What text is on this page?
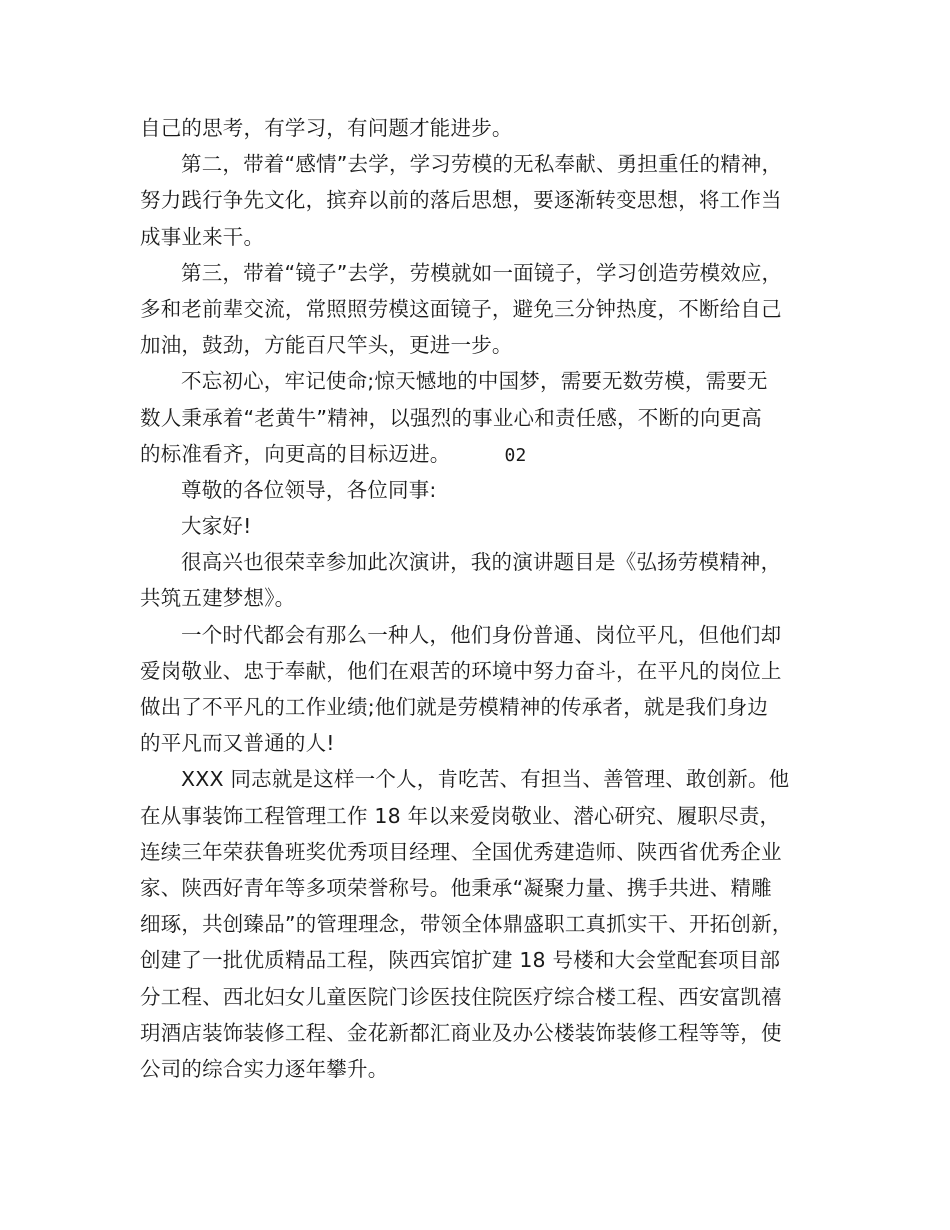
自己的思考，有学习，有问题才能进步。
第二，带着“感情”去学，学习劳模的无私奉献、勇担重任的精神，
努力践行争先文化，摈弃以前的落后思想，要逐渐转变思想，将工作当
成事业来干。
第三，带着“镜子”去学，劳模就如一面镜子，学习创造劳模效应，
多和老前辈交流，常照照劳模这面镜子，避免三分钟热度，不断给自己
加油，鼓劲，方能百尺竿头，更进一步。
不忘初心，牢记使命;惊天憾地的中国梦，需要无数劳模，需要无
数人秉承着“老黄牛”精神，以强烈的事业心和责任感，不断的向更高
的标准看齐，向更高的目标迈进。	02
尊敬的各位领导，各位同事:
大家好!
很高兴也很荣幸参加此次演讲，我的演讲题目是《弘扬劳模精神，
共筑五建梦想》。
一个时代都会有那么一种人，他们身份普通、岗位平凡，但他们却
爱岗敬业、忠于奉献，他们在艰苦的环境中努力奋斗，在平凡的岗位上
做出了不平凡的工作业绩;他们就是劳模精神的传承者，就是我们身边
的平凡而又普通的人!
XXX 同志就是这样一个人，肯吃苦、有担当、善管理、敢创新。他
在从事装饰工程管理工作 18 年以来爱岗敬业、潜心研究、履职尽责，
连续三年荣获鲁班奖优秀项目经理、全国优秀建造师、陕西省优秀企业
家、陕西好青年等多项荣誉称号。他秉承“凝聚力量、携手共进、精雕
细琢，共创臻品”的管理理念，带领全体鼎盛职工真抓实干、开拓创新，
创建了一批优质精品工程，陕西宾馆扩建 18 号楼和大会堂配套项目部
分工程、西北妇女儿童医院门诊医技住院医疗综合楼工程、西安富凯禧
玥酒店装饰装修工程、金花新都汇商业及办公楼装饰装修工程等等，使
公司的综合实力逐年攀升。
